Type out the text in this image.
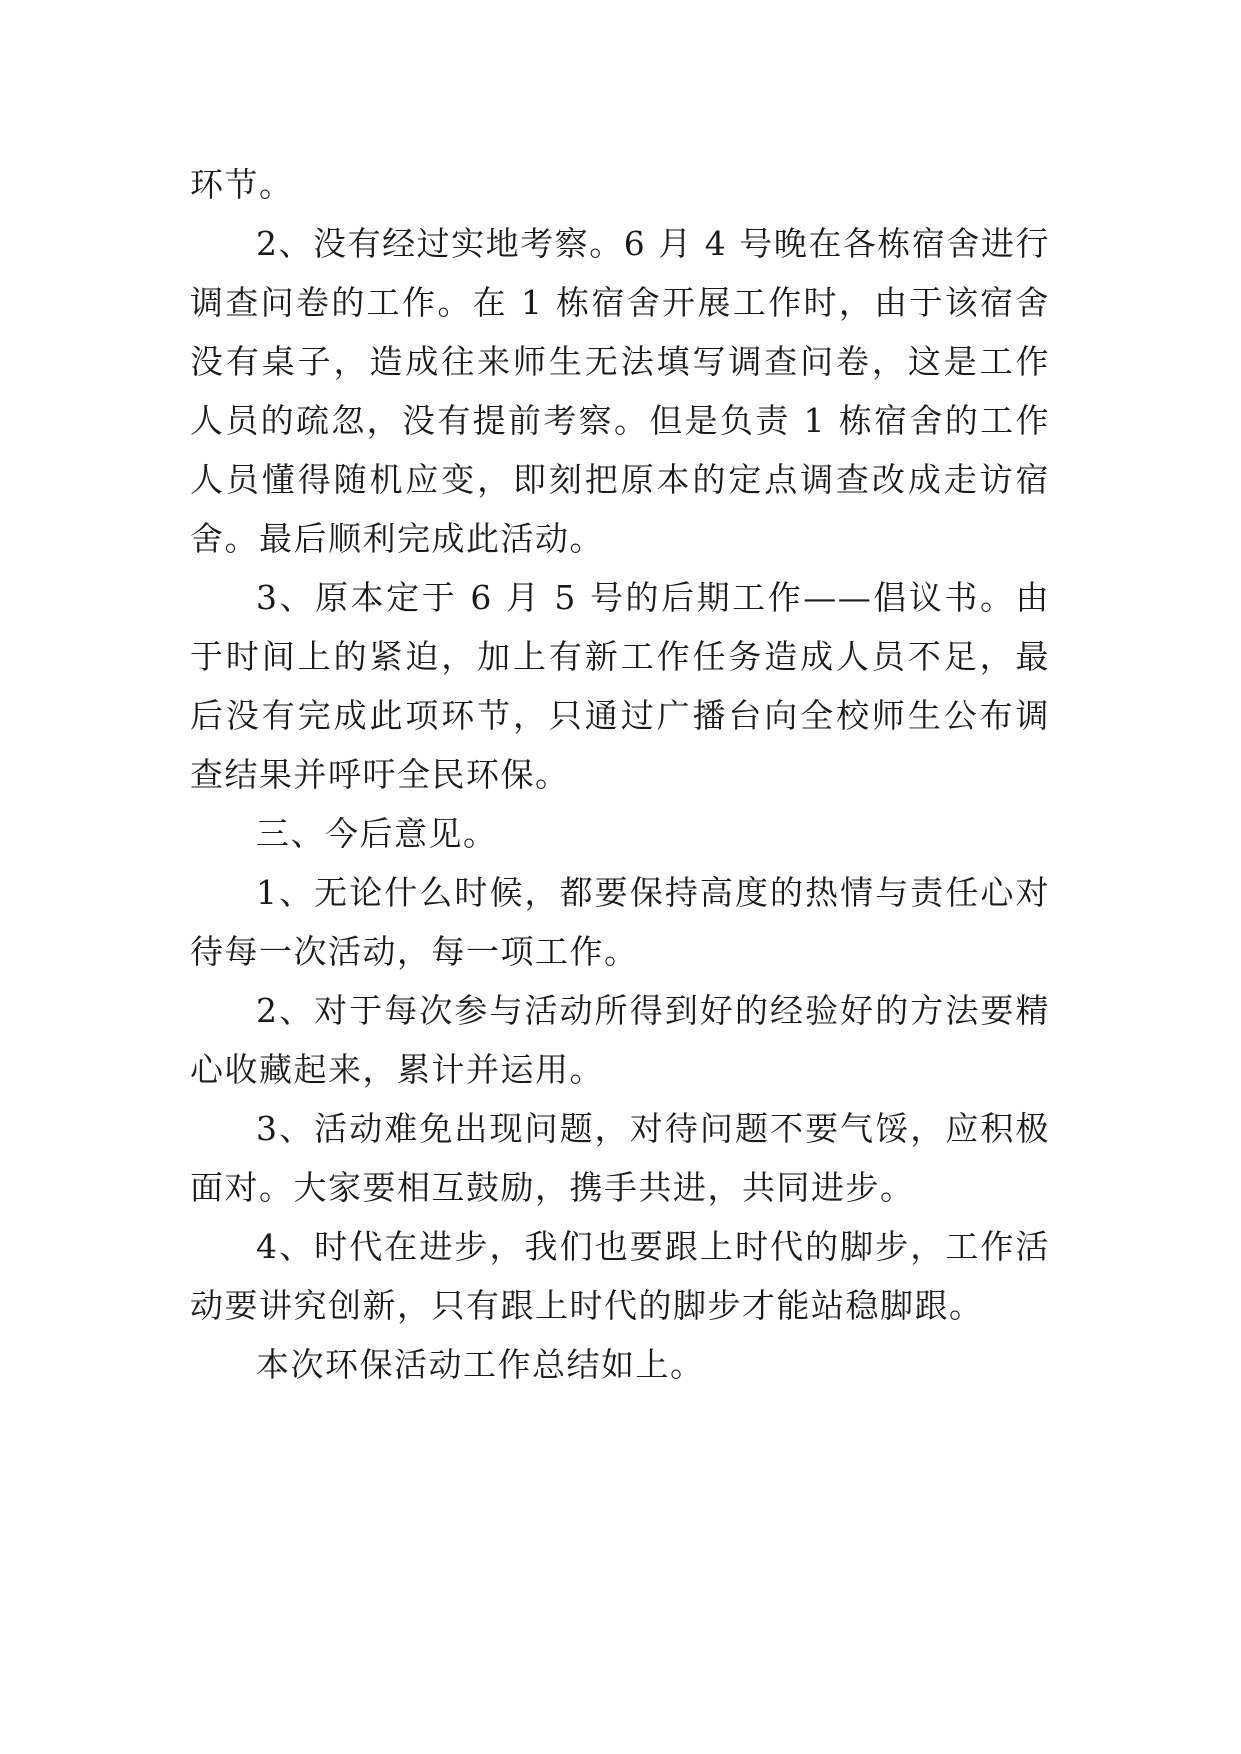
环节。

2、没有经过实地考察。6 月 4 号晚在各栋宿舍进行调查问卷的工作。在 1 栋宿舍开展工作时，由于该宿舍没有桌子，造成往来师生无法填写调查问卷，这是工作人员的疏忽，没有提前考察。但是负责 1 栋宿舍的工作人员懂得随机应变，即刻把原本的定点调查改成走访宿舍。最后顺利完成此活动。

3、原本定于 6 月 5 号的后期工作——倡议书。由于时间上的紧迫，加上有新工作任务造成人员不足，最后没有完成此项环节，只通过广播台向全校师生公布调查结果并呼吁全民环保。

三、今后意见。

1、无论什么时候，都要保持高度的热情与责任心对待每一次活动，每一项工作。

2、对于每次参与活动所得到好的经验好的方法要精心收藏起来，累计并运用。

3、活动难免出现问题，对待问题不要气馁，应积极面对。大家要相互鼓励，携手共进，共同进步。

4、时代在进步，我们也要跟上时代的脚步，工作活动要讲究创新，只有跟上时代的脚步才能站稳脚跟。

本次环保活动工作总结如上。
